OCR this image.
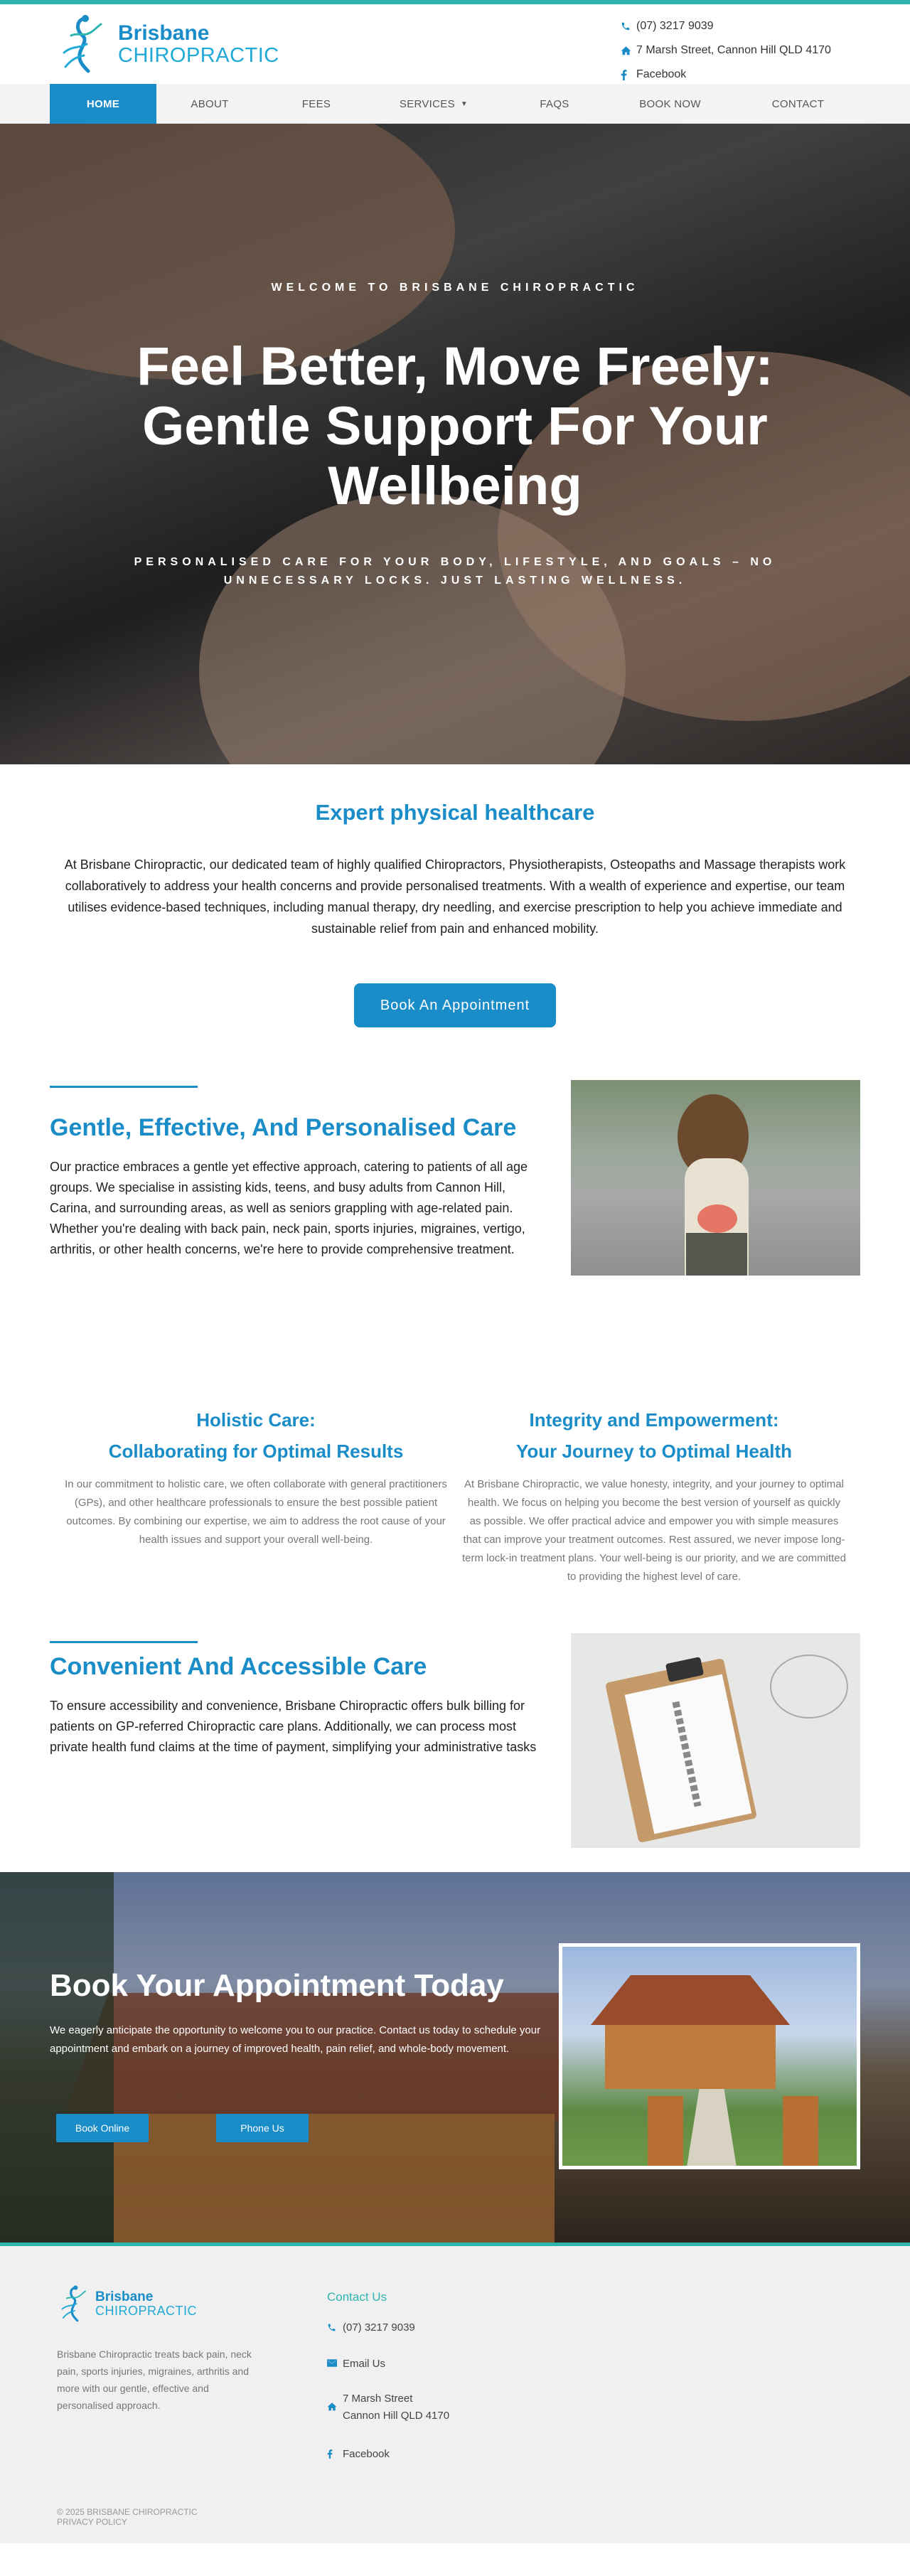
Brisbane
CHIROPRACTIC
(07) 3217 9039
7 Marsh Street, Cannon Hill QLD 4170
Facebook
HOME	ABOUT	FEES	SERVICES ▼	FAQS	BOOK NOW	CONTACT
WELCOME TO BRISBANE CHIROPRACTIC
Feel Better, Move Freely: Gentle Support For Your Wellbeing
PERSONALISED CARE FOR YOUR BODY, LIFESTYLE, AND GOALS – NO UNNECESSARY LOCKS. JUST LASTING WELLNESS.
Expert physical healthcare

At Brisbane Chiropractic, our dedicated team of highly qualified Chiropractors, Physiotherapists, Osteopaths and Massage therapists work collaboratively to address your health concerns and provide personalised treatments. With a wealth of experience and expertise, our team utilises evidence-based techniques, including manual therapy, dry needling, and exercise prescription to help you achieve immediate and sustainable relief from pain and enhanced mobility.

Book An Appointment
Gentle, Effective, And Personalised Care

Our practice embraces a gentle yet effective approach, catering to patients of all age groups. We specialise in assisting kids, teens, and busy adults from Cannon Hill, Carina, and surrounding areas, as well as seniors grappling with age-related pain. Whether you're dealing with back pain, neck pain, sports injuries, migraines, vertigo, arthritis, or other health concerns, we're here to provide comprehensive treatment.

Holistic Care:
Collaborating for Optimal Results

In our commitment to holistic care, we often collaborate with general practitioners (GPs), and other healthcare professionals to ensure the best possible patient outcomes. By combining our expertise, we aim to address the root cause of your health issues and support your overall well-being.

Integrity and Empowerment:
Your Journey to Optimal Health

At Brisbane Chiropractic, we value honesty, integrity, and your journey to optimal health. We focus on helping you become the best version of yourself as quickly as possible. We offer practical advice and empower you with simple measures that can improve your treatment outcomes. Rest assured, we never impose long-term lock-in treatment plans. Your well-being is our priority, and we are committed to providing the highest level of care.

Convenient And Accessible Care

To ensure accessibility and convenience, Brisbane Chiropractic offers bulk billing for patients on GP-referred Chiropractic care plans. Additionally, we can process most private health fund claims at the time of payment, simplifying your administrative tasks

Book Your Appointment Today

We eagerly anticipate the opportunity to welcome you to our practice. Contact us today to schedule your appointment and embark on a journey of improved health, pain relief, and whole-body movement.

Book Online	Phone Us
Brisbane
CHIROPRACTIC
Brisbane Chiropractic treats back pain, neck pain, sports injuries, migraines, arthritis and more with our gentle, effective and personalised approach.
Contact Us
(07) 3217 9039
Email Us
7 Marsh Street
Cannon Hill QLD 4170
Facebook
© 2025 BRISBANE CHIROPRACTIC
PRIVACY POLICY
